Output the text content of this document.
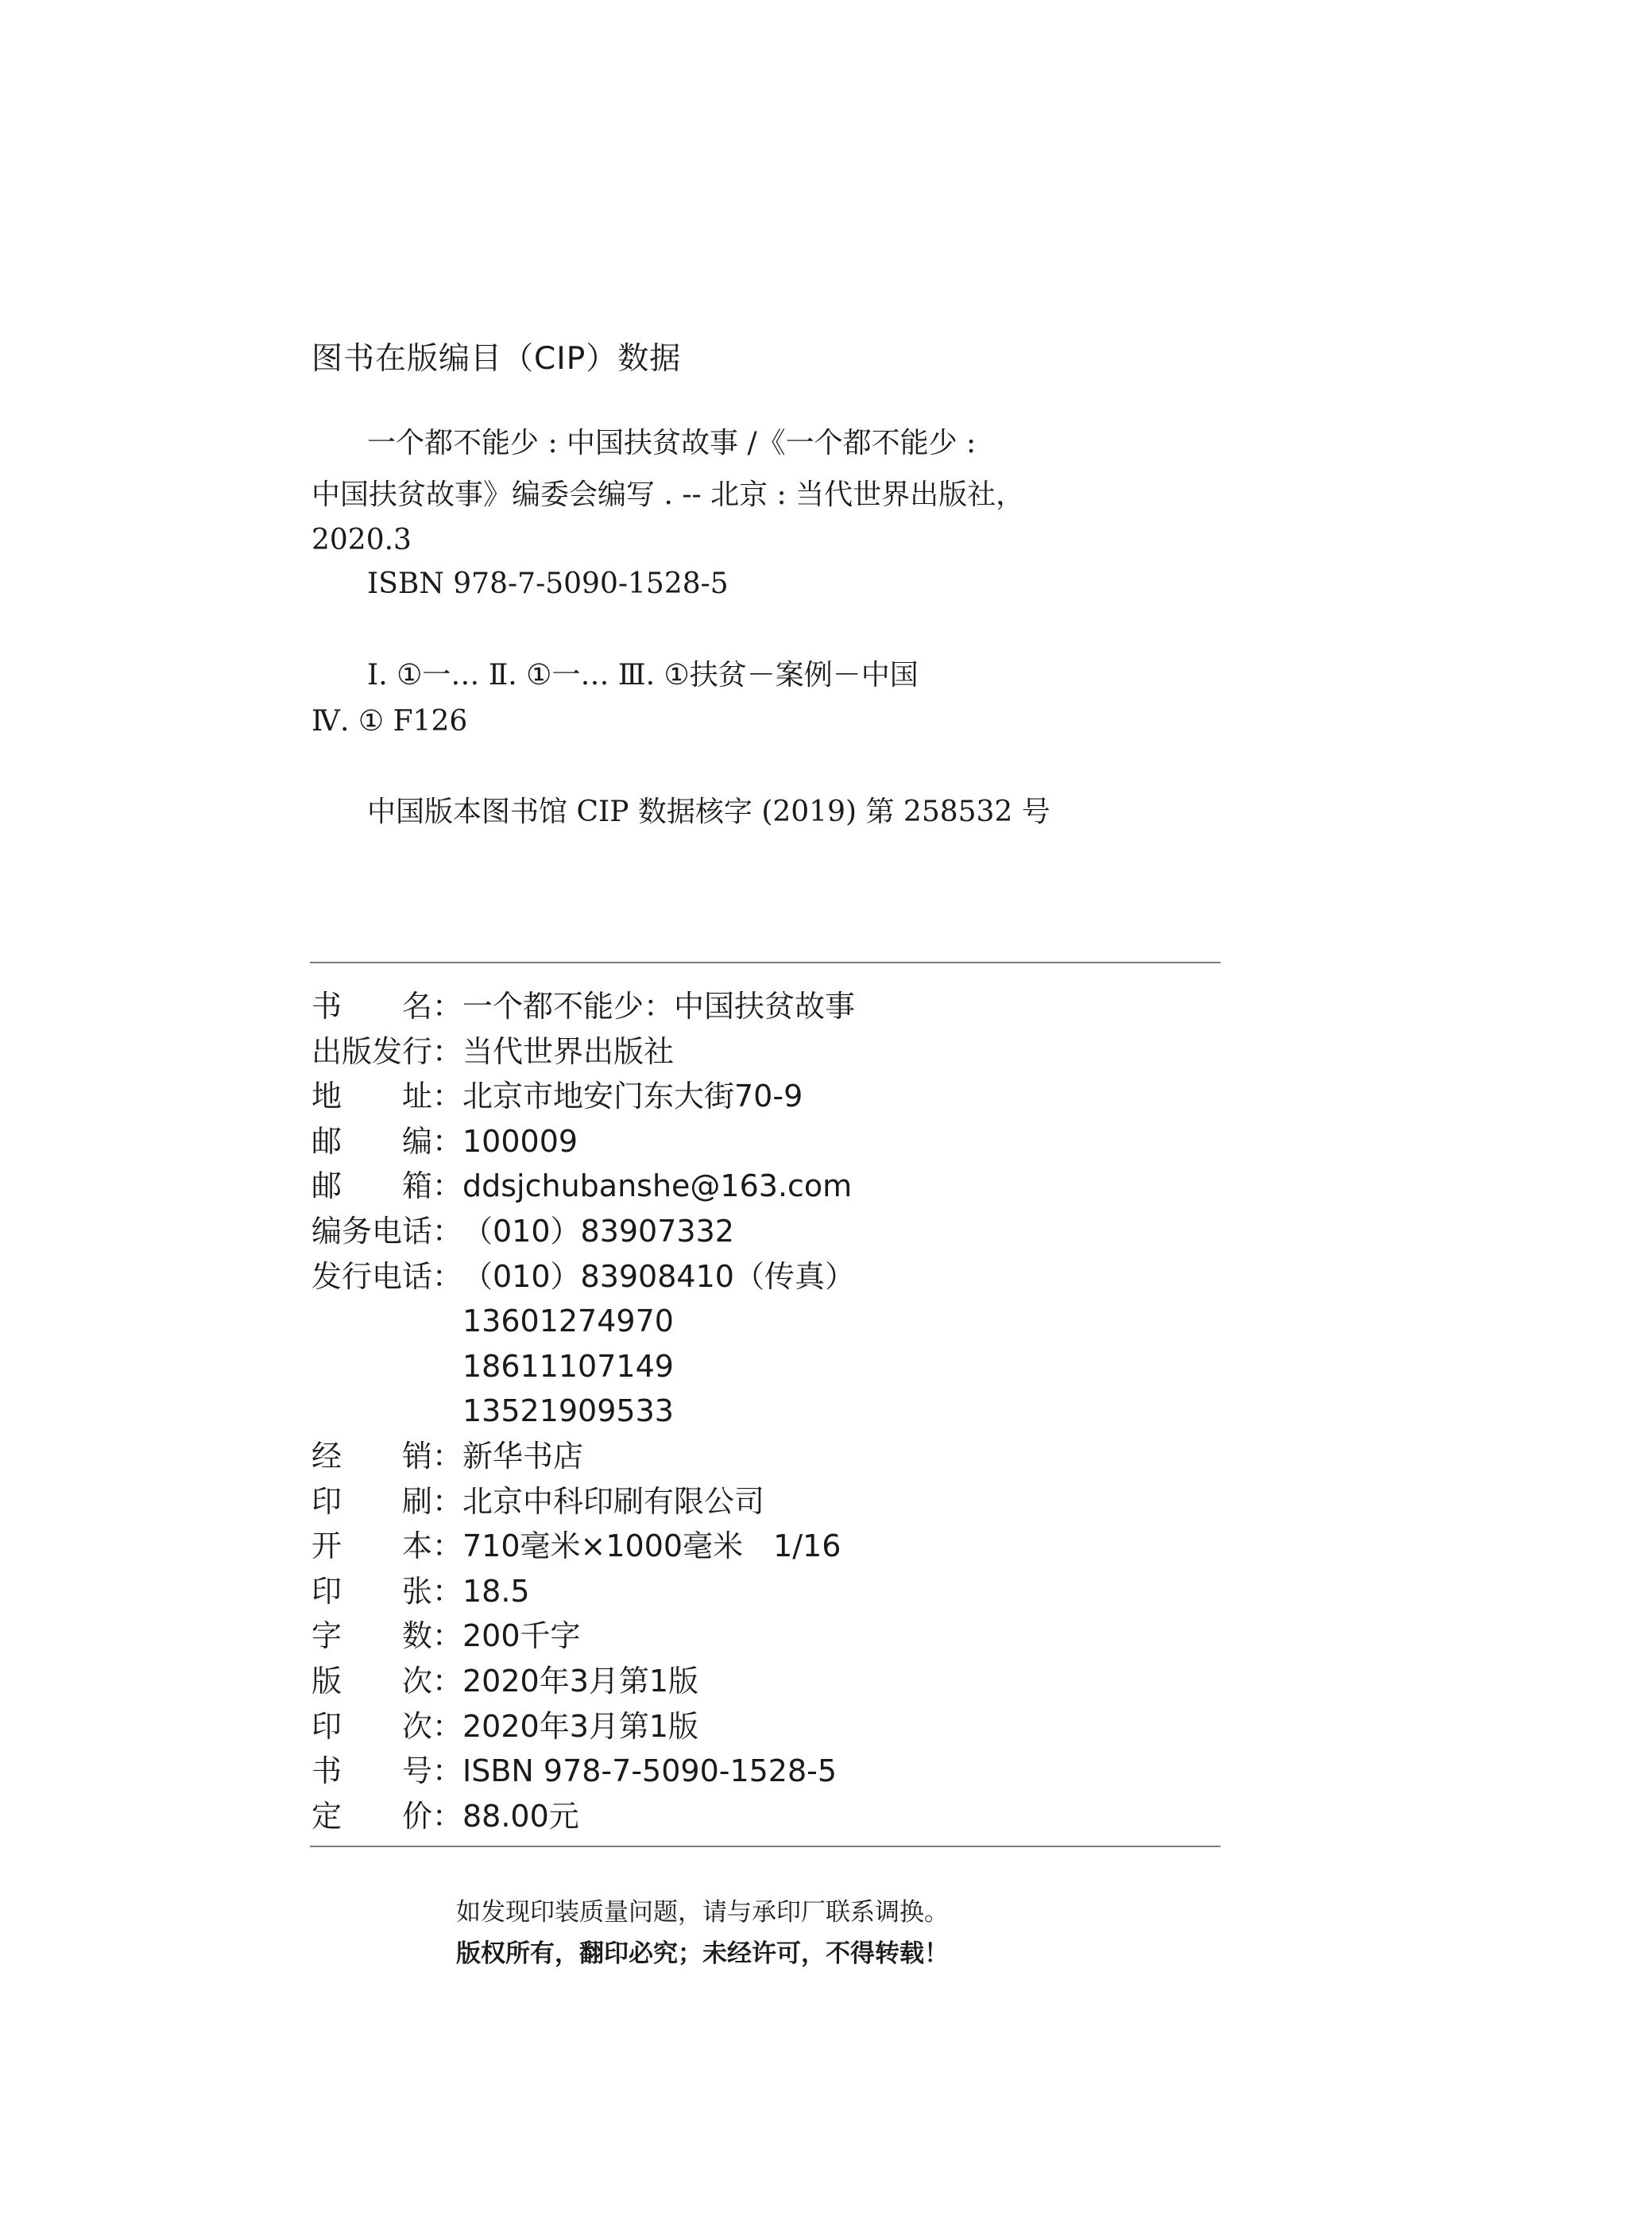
图书在版编目（CIP）数据
一个都不能少 : 中国扶贫故事 /《一个都不能少 :
中国扶贫故事》编委会编写 . -- 北京 : 当代世界出版社，
2020.3
ISBN 978-7-5090-1528-5
Ⅰ. ①一… Ⅱ. ①一… Ⅲ. ①扶贫－案例－中国
Ⅳ. ① F126
中国版本图书馆 CIP 数据核字 (2019) 第 258532 号
书 名 ： 一个都不能少：中国扶贫故事
出版发行 ： 当代世界出版社
地 址 ： 北京市地安门东大街70-9
邮 编 ： 100009
邮 箱 ： ddsjchubanshe@163.com
编务电话 ： （010）83907332
发行电话 ： （010）83908410（传真）
13601274970
18611107149
13521909533
经 销 ： 新华书店
印 刷 ： 北京中科印刷有限公司
开 本 ： 710毫米×1000毫米　1/16
印 张 ： 18.5
字 数 ： 200千字
版 次 ： 2020年3月第1版
印 次 ： 2020年3月第1版
书 号 ： ISBN 978-7-5090-1528-5
定 价 ： 88.00元
如发现印装质量问题，请与承印厂联系调换。
版权所有，翻印必究；未经许可，不得转载！
